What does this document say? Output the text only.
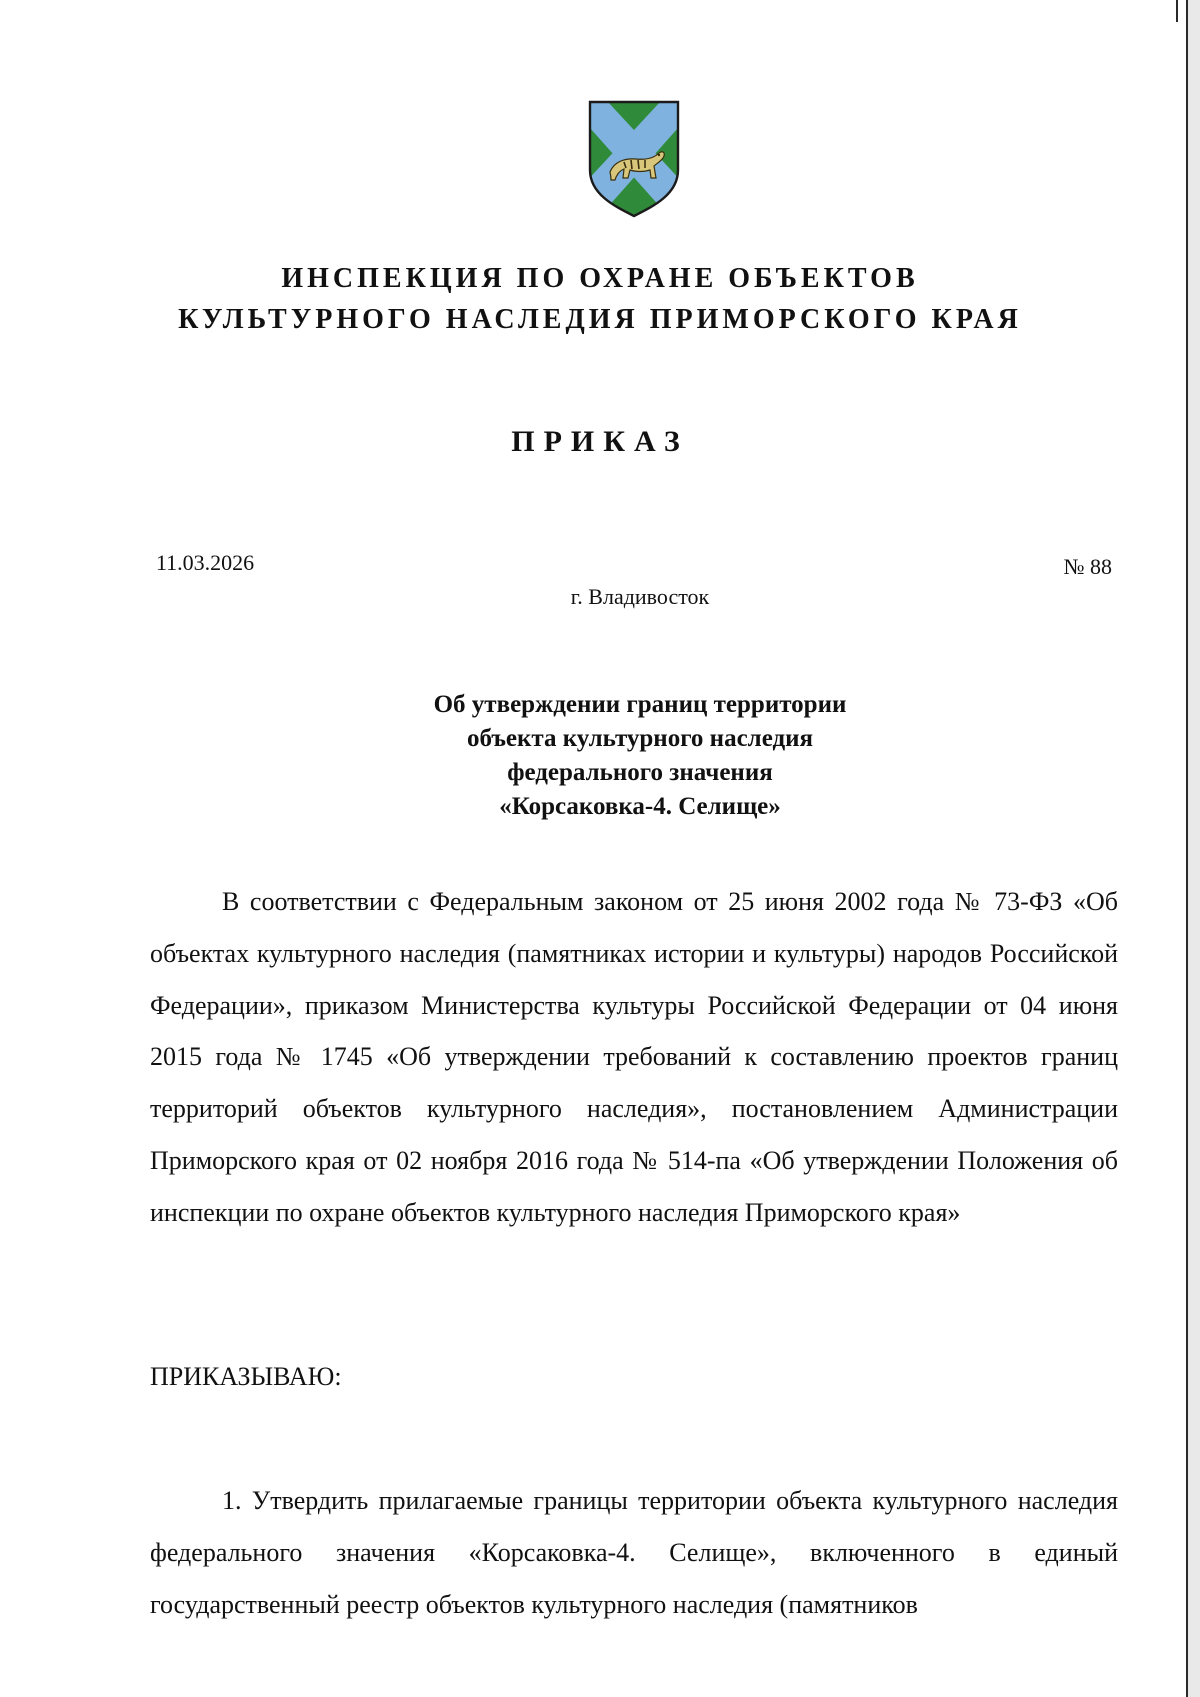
ИНСПЕКЦИЯ ПО ОХРАНЕ ОБЪЕКТОВ
КУЛЬТУРНОГО НАСЛЕДИЯ ПРИМОРСКОГО КРАЯ
ПРИКАЗ
11.03.2026	№ 88
г. Владивосток
Об утверждении границ территории
объекта культурного наследия
федерального значения
«Корсаковка-4. Селище»

В соответствии с Федеральным законом от 25 июня 2002 года № 73-ФЗ «Об объектах культурного наследия (памятниках истории и культуры) народов Российской Федерации», приказом Министерства культуры Российской Федерации от 04 июня 2015 года № 1745 «Об утверждении требований к составлению проектов границ территорий объектов культурного наследия», постановлением Администрации Приморского края от 02 ноября 2016 года № 514-па «Об утверждении Положения об инспекции по охране объектов культурного наследия Приморского края»

ПРИКАЗЫВАЮ:

1. Утвердить прилагаемые границы территории объекта культурного наследия федерального значения «Корсаковка-4. Селище», включенного в единый государственный реестр объектов культурного наследия (памятников
